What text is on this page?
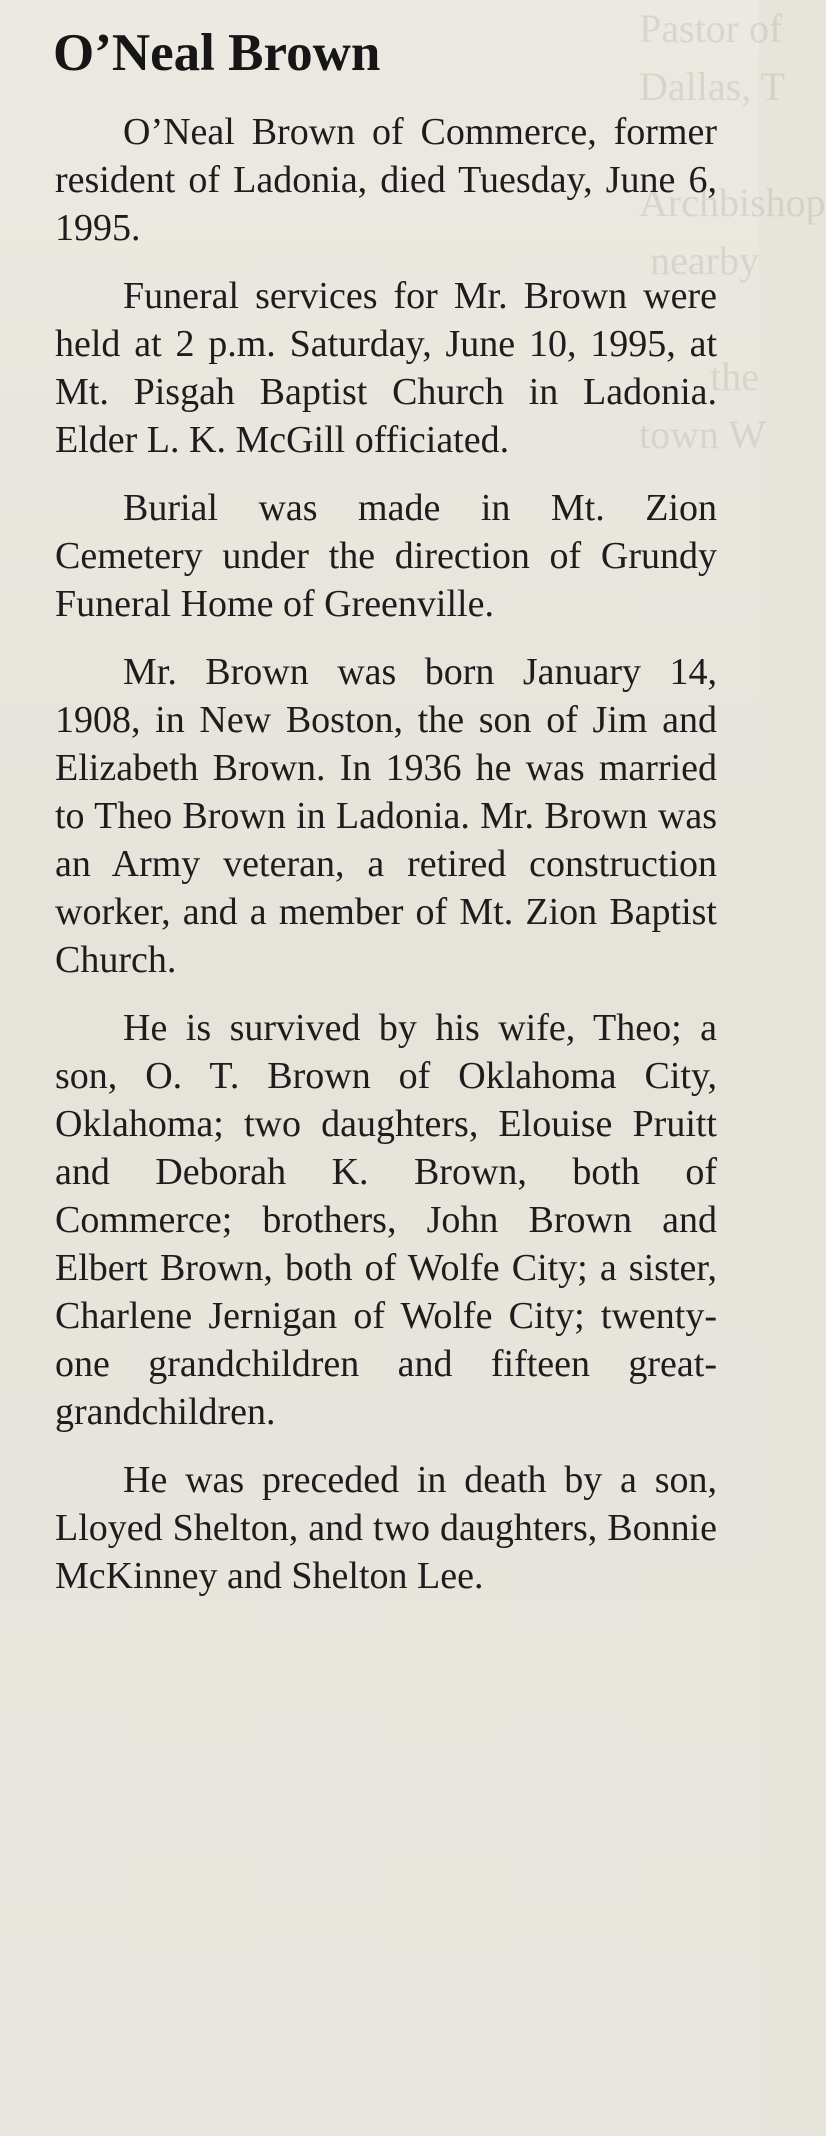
Pastor of
Dallas, T

Archbishop
nearby

the
town W
O’Neal Brown

O’Neal Brown of Commerce, former resident of Ladonia, died Tuesday, June 6, 1995.

Funeral services for Mr. Brown were held at 2 p.m. Saturday, June 10, 1995, at Mt. Pisgah Baptist Church in Ladonia. Elder L. K. McGill officiated.

Burial was made in Mt. Zion Cemetery under the direction of Grundy Funeral Home of Greenville.

Mr. Brown was born January 14, 1908, in New Boston, the son of Jim and Elizabeth Brown. In 1936 he was married to Theo Brown in Ladonia. Mr. Brown was an Army veteran, a retired construction worker, and a member of Mt. Zion Baptist Church.

He is survived by his wife, Theo; a son, O. T. Brown of Oklahoma City, Oklahoma; two daughters, Elouise Pruitt and Deborah K. Brown, both of Commerce; brothers, John Brown and Elbert Brown, both of Wolfe City; a sister, Charlene Jernigan of Wolfe City; twenty-one grandchildren and fifteen great-grandchildren.

He was preceded in death by a son, Lloyed Shelton, and two daughters, Bonnie McKinney and Shelton Lee.
